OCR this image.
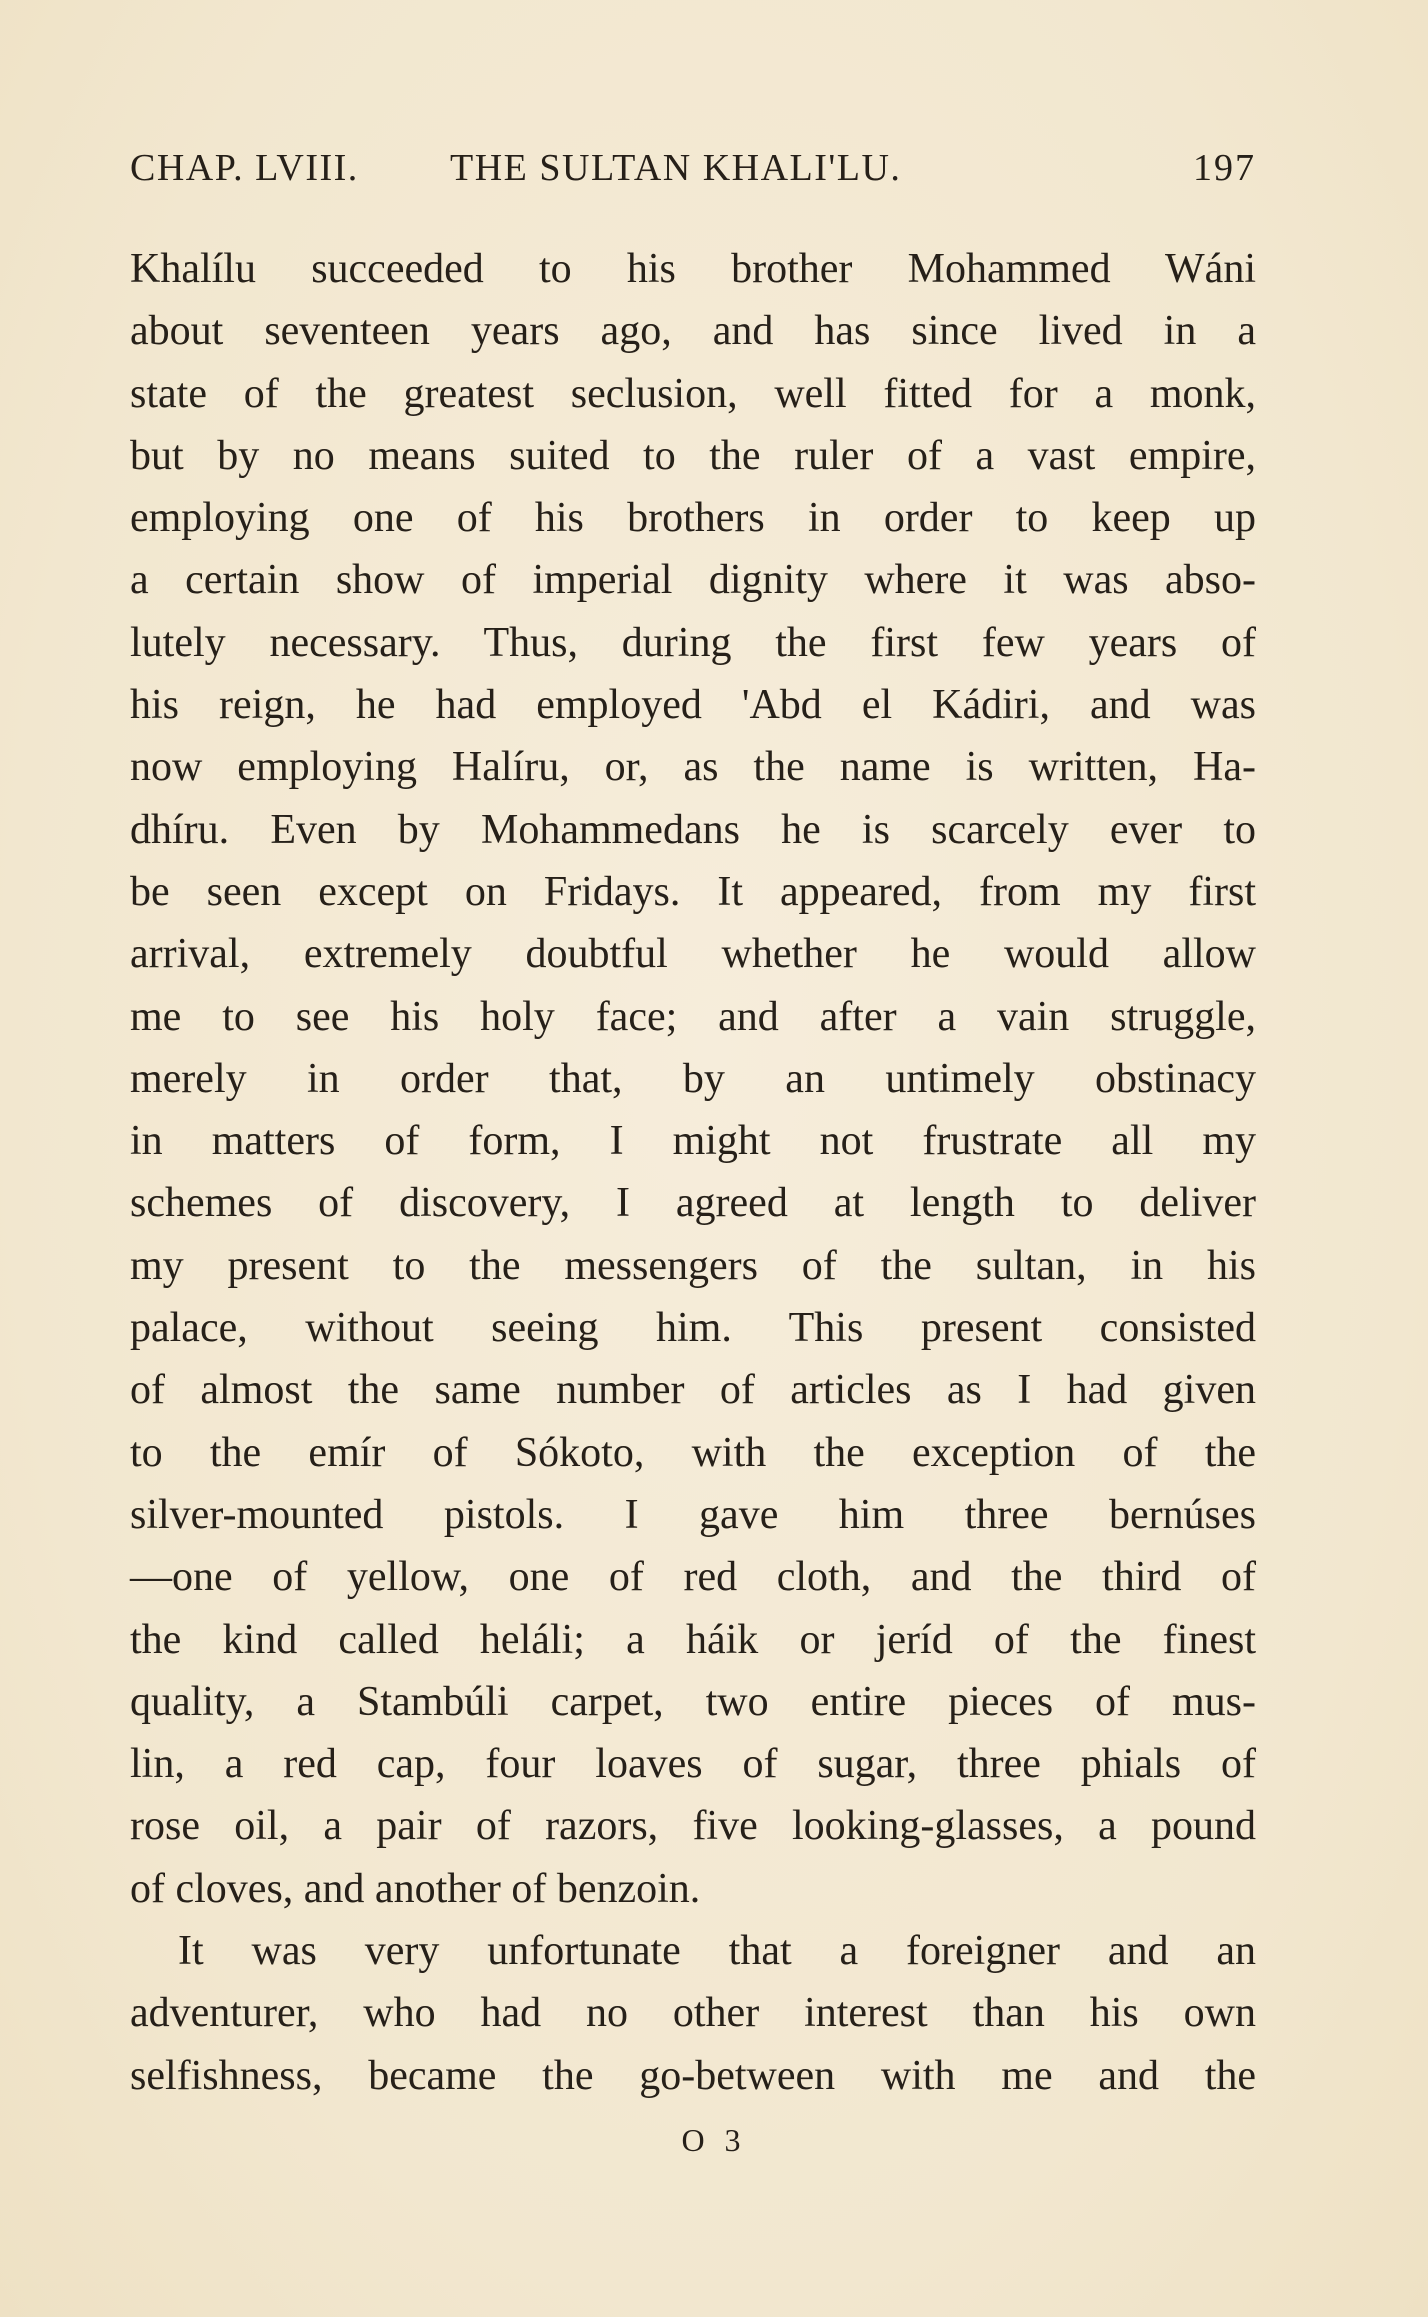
CHAP. LVIII. THE SULTAN KHALI'LU.	197
Khalílu succeeded to his brother Mohammed Wáni
about seventeen years ago, and has since lived in a
state of the greatest seclusion, well fitted for a monk,
but by no means suited to the ruler of a vast empire,
employing one of his brothers in order to keep up
a certain show of imperial dignity where it was abso-
lutely necessary. Thus, during the first few years of
his reign, he had employed 'Abd el Kádiri, and was
now employing Halíru, or, as the name is written, Ha-
dhíru. Even by Mohammedans he is scarcely ever to
be seen except on Fridays. It appeared, from my first
arrival, extremely doubtful whether he would allow
me to see his holy face; and after a vain struggle,
merely in order that, by an untimely obstinacy
in matters of form, I might not frustrate all my
schemes of discovery, I agreed at length to deliver
my present to the messengers of the sultan, in his
palace, without seeing him. This present consisted
of almost the same number of articles as I had given
to the emír of Sókoto, with the exception of the
silver-mounted pistols. I gave him three bernúses
—one of yellow, one of red cloth, and the third of
the kind called heláli; a háik or jeríd of the finest
quality, a Stambúli carpet, two entire pieces of mus-
lin, a red cap, four loaves of sugar, three phials of
rose oil, a pair of razors, five looking-glasses, a pound
of cloves, and another of benzoin.
It was very unfortunate that a foreigner and an
adventurer, who had no other interest than his own
selfishness, became the go-between with me and the
O 3
